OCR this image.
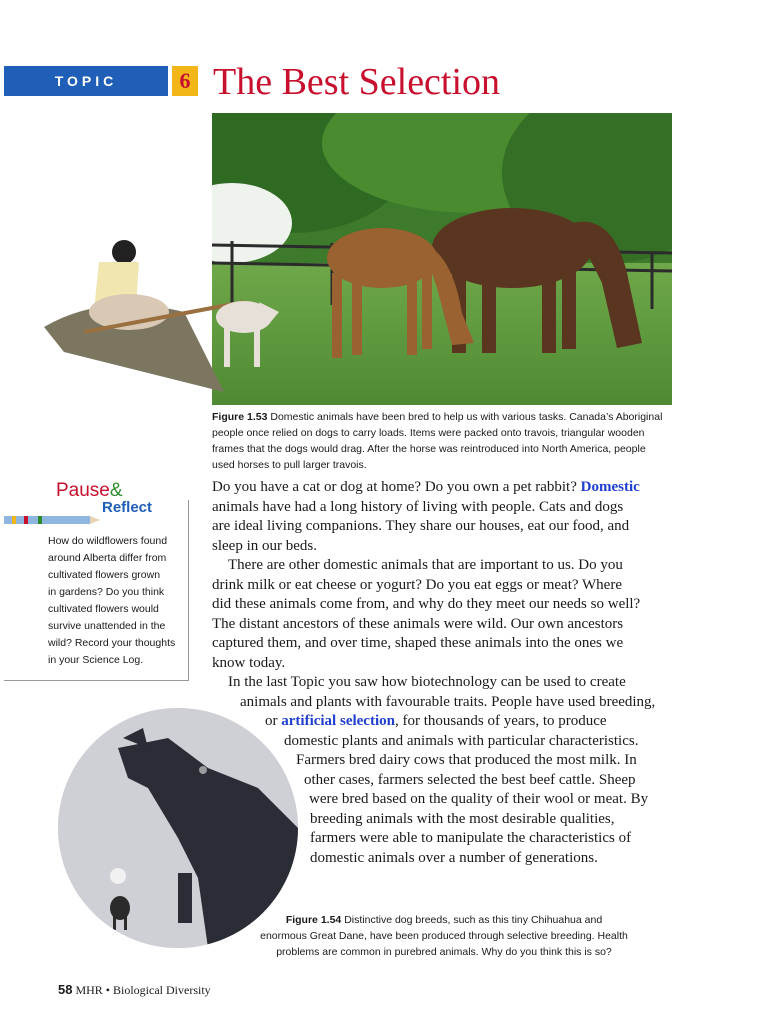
TOPIC	6 The Best Selection
Figure 1.53 Domestic animals have been bred to help us with various tasks. Canada’s Aboriginal
people once relied on dogs to carry loads. Items were packed onto travois, triangular wooden
frames that the dogs would drag. After the horse was reintroduced into North America, people
used horses to pull larger travois.
Pause&
Reflect
How do wildflowers found
around Alberta differ from
cultivated flowers grown
in gardens? Do you think
cultivated flowers would
survive unattended in the
wild? Record your thoughts
in your Science Log.
Do you have a cat or dog at home? Do you own a pet rabbit? Domestic
animals have had a long history of living with people. Cats and dogs
are ideal living companions. They share our houses, eat our food, and
sleep in our beds.
There are other domestic animals that are important to us. Do you
drink milk or eat cheese or yogurt? Do you eat eggs or meat? Where
did these animals come from, and why do they meet our needs so well?
The distant ancestors of these animals were wild. Our own ancestors
captured them, and over time, shaped these animals into the ones we
know today.
In the last Topic you saw how biotechnology can be used to create
animals and plants with favourable traits. People have used breeding,
or artificial selection, for thousands of years, to produce
domestic plants and animals with particular characteristics.
Farmers bred dairy cows that produced the most milk. In
other cases, farmers selected the best beef cattle. Sheep
were bred based on the quality of their wool or meat. By
breeding animals with the most desirable qualities,
farmers were able to manipulate the characteristics of
domestic animals over a number of generations.
Figure 1.54 Distinctive dog breeds, such as this tiny Chihuahua and
enormous Great Dane, have been produced through selective breeding. Health
problems are common in purebred animals. Why do you think this is so?
58 MHR • Biological Diversity
